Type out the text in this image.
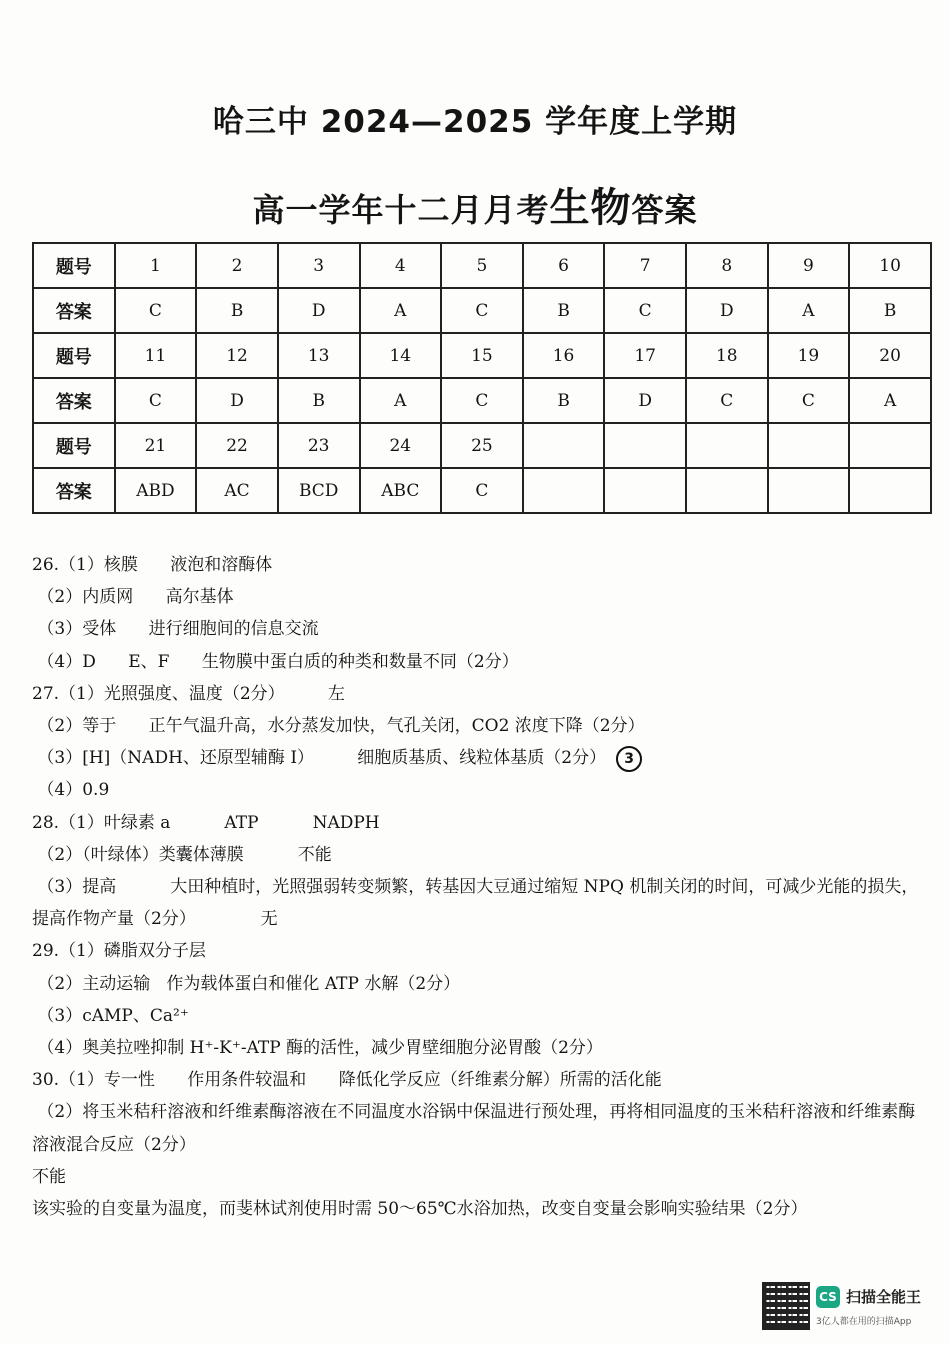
哈三中 2024—2025 学年度上学期
高一学年十二月月考生物答案
题号	1	2	3	4	5	6	7	8	9	10
答案	C	B	D	A	C	B	C	D	A	B
题号	11	12	13	14	15	16	17	18	19	20
答案	C	D	B	A	C	B	D	C	C	A
题号	21	22	23	24	25					
答案	ABD	AC	BCD	ABC	C					

26.（1）核膜      液泡和溶酶体

（2）内质网      高尔基体

（3）受体      进行细胞间的信息交流

（4）D      E、F      生物膜中蛋白质的种类和数量不同（2分）

27.（1）光照强度、温度（2分）        左

（2）等于      正午气温升高，水分蒸发加快，气孔关闭，CO2 浓度下降（2分）

（3）[H]（NADH、还原型辅酶 I）        细胞质基质、线粒体基质（2分） 3

（4）0.9

28.（1）叶绿素 a          ATP          NADPH

（2）（叶绿体）类囊体薄膜          不能

（3）提高          大田种植时，光照强弱转变频繁，转基因大豆通过缩短 NPQ 机制关闭的时间，可减少光能的损失，提高作物产量（2分）            无

29.（1）磷脂双分子层

（2）主动运输   作为载体蛋白和催化 ATP 水解（2分）

（3）cAMP、Ca²⁺

（4）奥美拉唑抑制 H⁺-K⁺-ATP 酶的活性，减少胃壁细胞分泌胃酸（2分）

30.（1）专一性      作用条件较温和      降低化学反应（纤维素分解）所需的活化能

（2）将玉米秸秆溶液和纤维素酶溶液在不同温度水浴锅中保温进行预处理，再将相同温度的玉米秸秆溶液和纤维素酶溶液混合反应（2分）

不能

该实验的自变量为温度，而斐林试剂使用时需 50～65℃水浴加热，改变自变量会影响实验结果（2分）

CS 扫描全能王
3亿人都在用的扫描App
